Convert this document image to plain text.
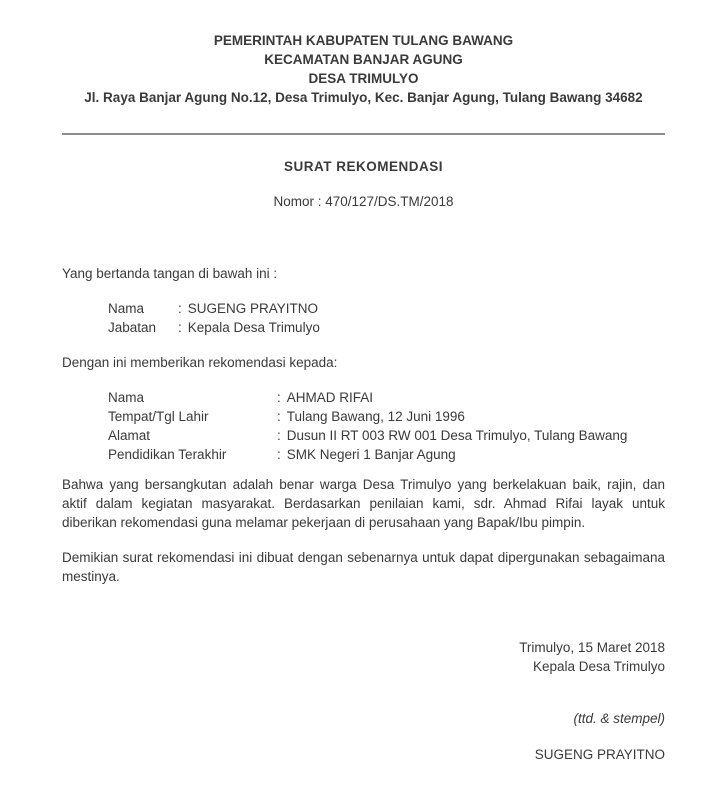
PEMERINTAH KABUPATEN TULANG BAWANG
KECAMATAN BANJAR AGUNG
DESA TRIMULYO
Jl. Raya Banjar Agung No.12, Desa Trimulyo, Kec. Banjar Agung, Tulang Bawang 34682
SURAT REKOMENDASI
Nomor : 470/127/DS.TM/2018
Yang bertanda tangan di bawah ini :
Nama	: SUGENG PRAYITNO
Jabatan	: Kepala Desa Trimulyo
Dengan ini memberikan rekomendasi kepada:
Nama	: AHMAD RIFAI
Tempat/Tgl Lahir	: Tulang Bawang, 12 Juni 1996
Alamat	: Dusun II RT 003 RW 001 Desa Trimulyo, Tulang Bawang
Pendidikan Terakhir	: SMK Negeri 1 Banjar Agung
Bahwa yang bersangkutan adalah benar warga Desa Trimulyo yang berkelakuan baik, rajin, dan aktif dalam kegiatan masyarakat. Berdasarkan penilaian kami, sdr. Ahmad Rifai layak untuk diberikan rekomendasi guna melamar pekerjaan di perusahaan yang Bapak/Ibu pimpin.
Demikian surat rekomendasi ini dibuat dengan sebenarnya untuk dapat dipergunakan sebagaimana mestinya.
Trimulyo, 15 Maret 2018
Kepala Desa Trimulyo
(ttd. & stempel)
SUGENG PRAYITNO
